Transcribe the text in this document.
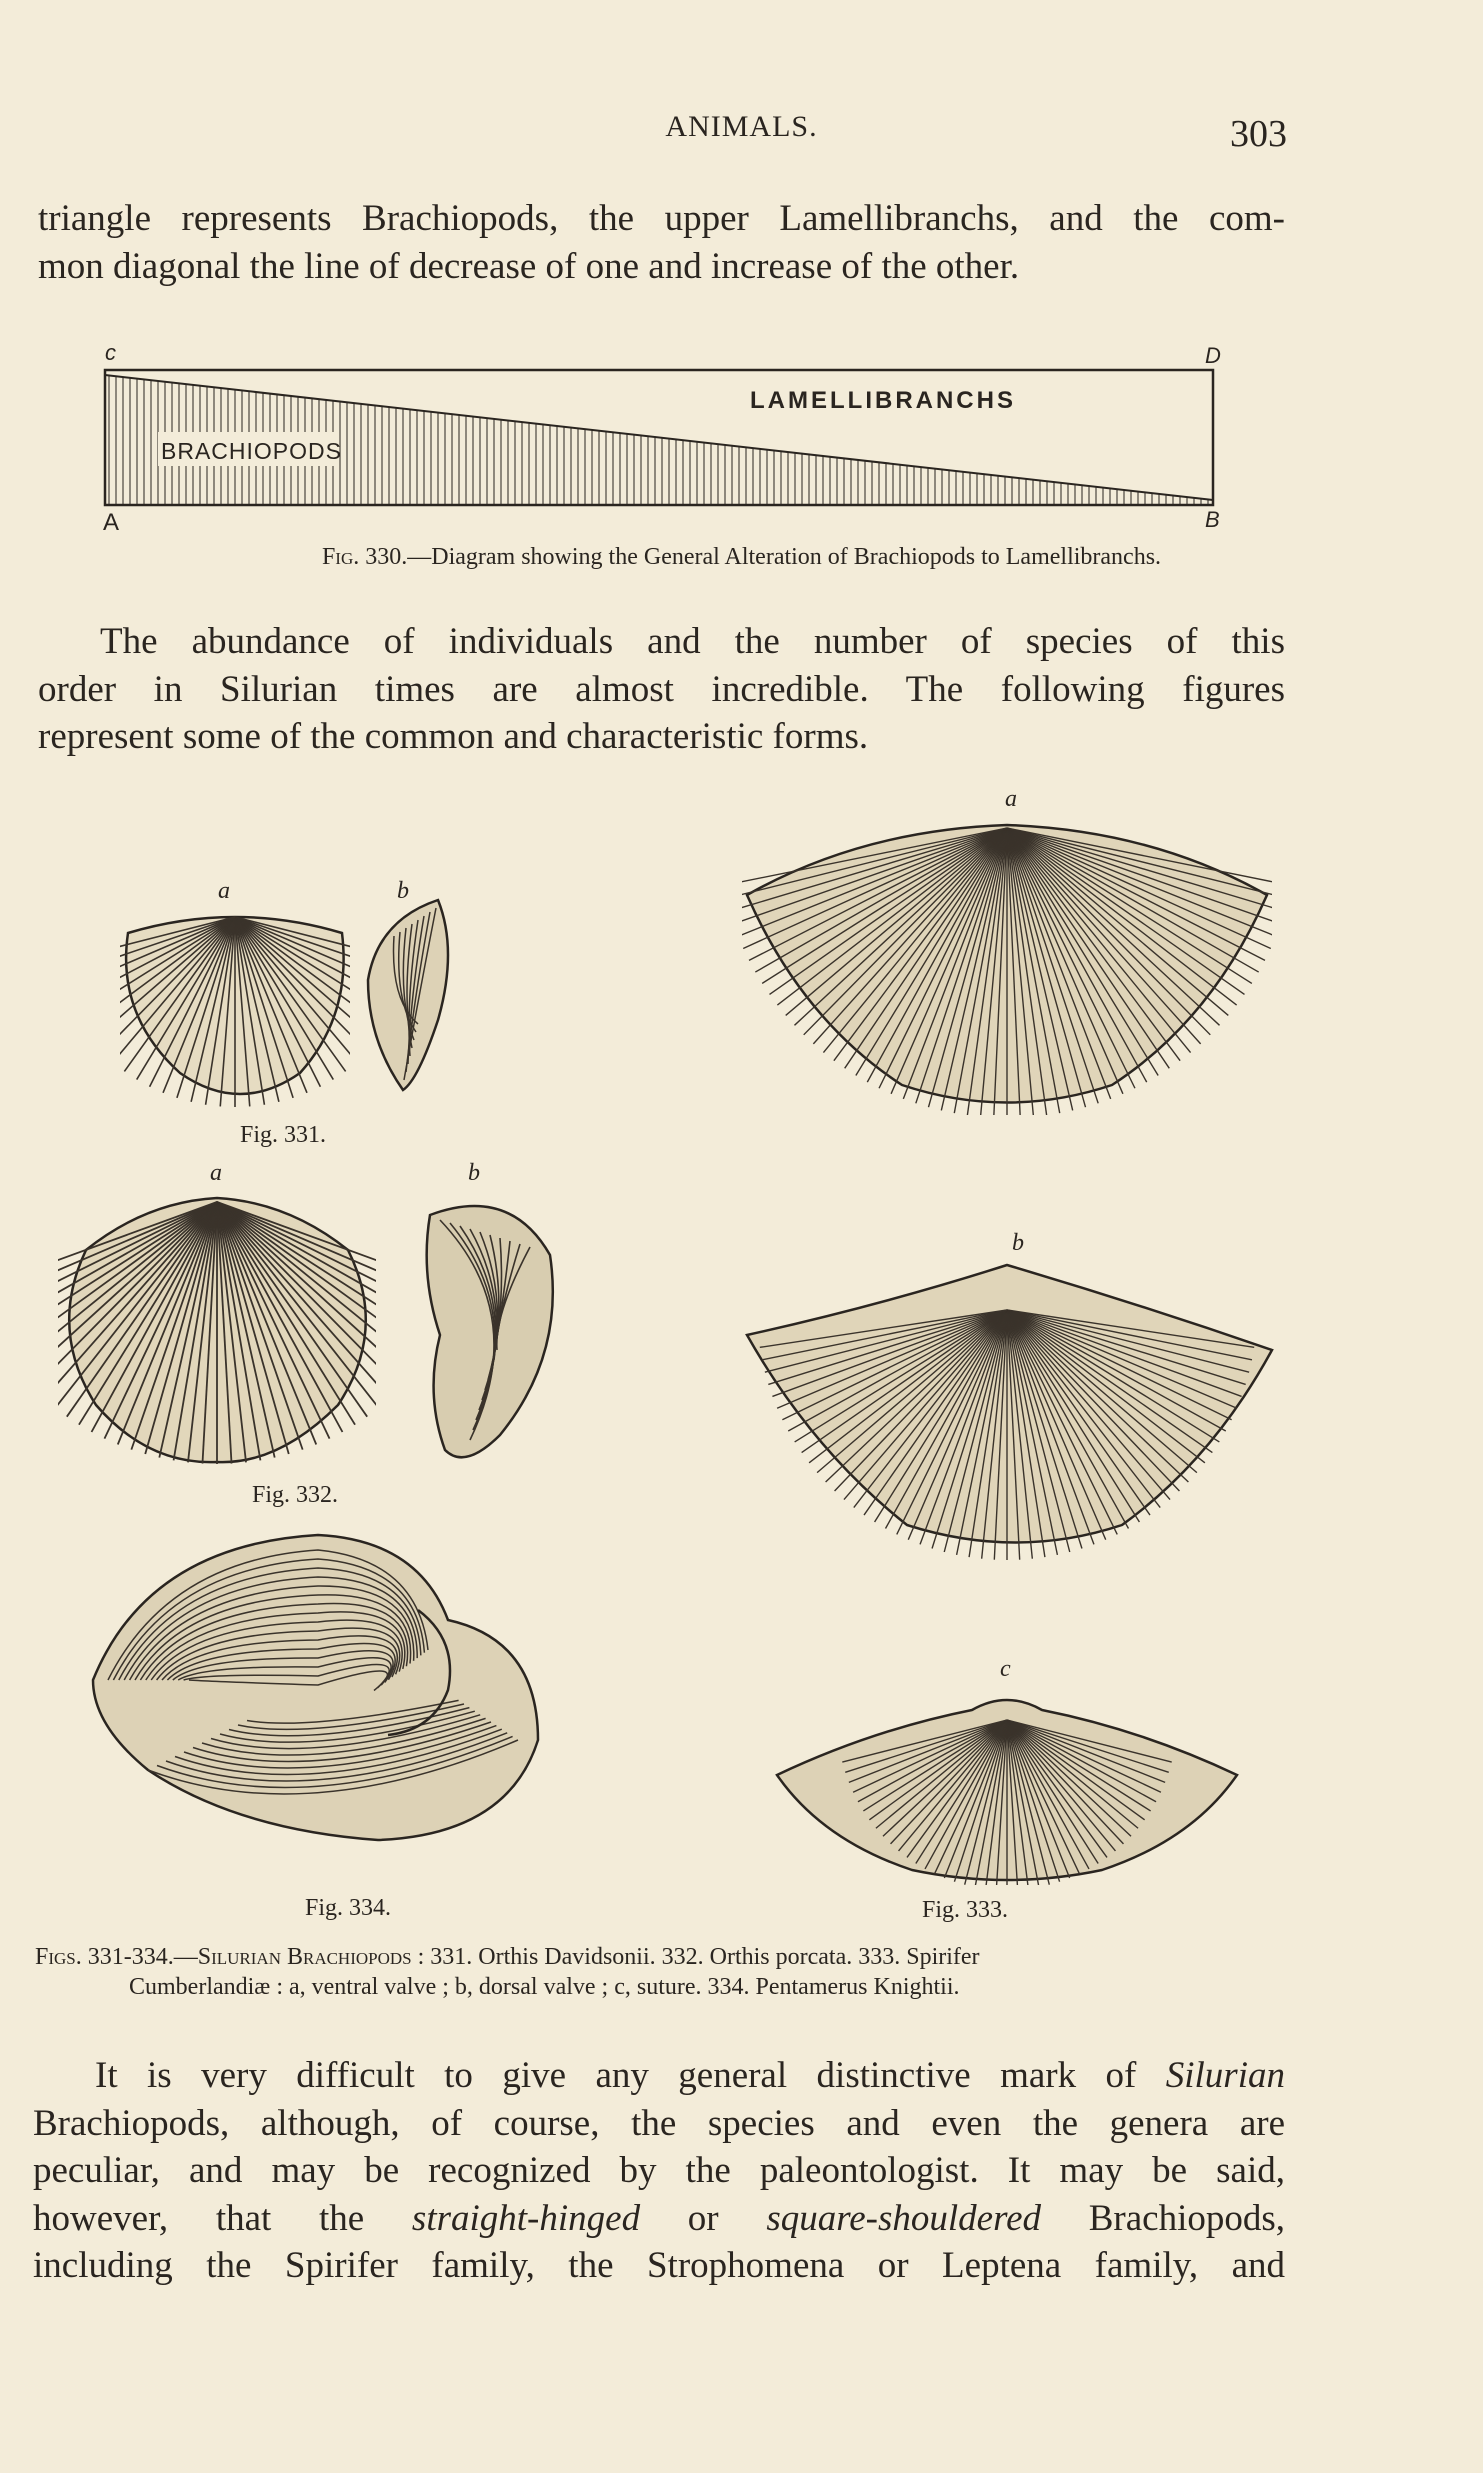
ANIMALS.	303
triangle represents Brachiopods, the upper Lamellibranchs, and the com-
mon diagonal the line of decrease of one and increase of the other.
c	D
A	B
LAMELLIBRANCHS
BRACHIOPODS
Fig. 330.—Diagram showing the General Alteration of Brachiopods to Lamellibranchs.
The abundance of individuals and the number of species of this
order in Silurian times are almost incredible. The following figures
represent some of the common and characteristic forms.
a	b
Fig. 331.
a	b
Fig. 332.
Fig. 334.
a
b
c
Fig. 333.
Figs. 331-334.—Silurian Brachiopods : 331. Orthis Davidsonii. 332. Orthis porcata. 333. Spirifer
Cumberlandiæ : a, ventral valve ; b, dorsal valve ; c, suture. 334. Pentamerus Knightii.
It is very difficult to give any general distinctive mark of Silurian
Brachiopods, although, of course, the species and even the genera are
peculiar, and may be recognized by the paleontologist. It may be said,
however, that the straight-hinged or square-shouldered Brachiopods,
including the Spirifer family, the Strophomena or Leptena family, and
